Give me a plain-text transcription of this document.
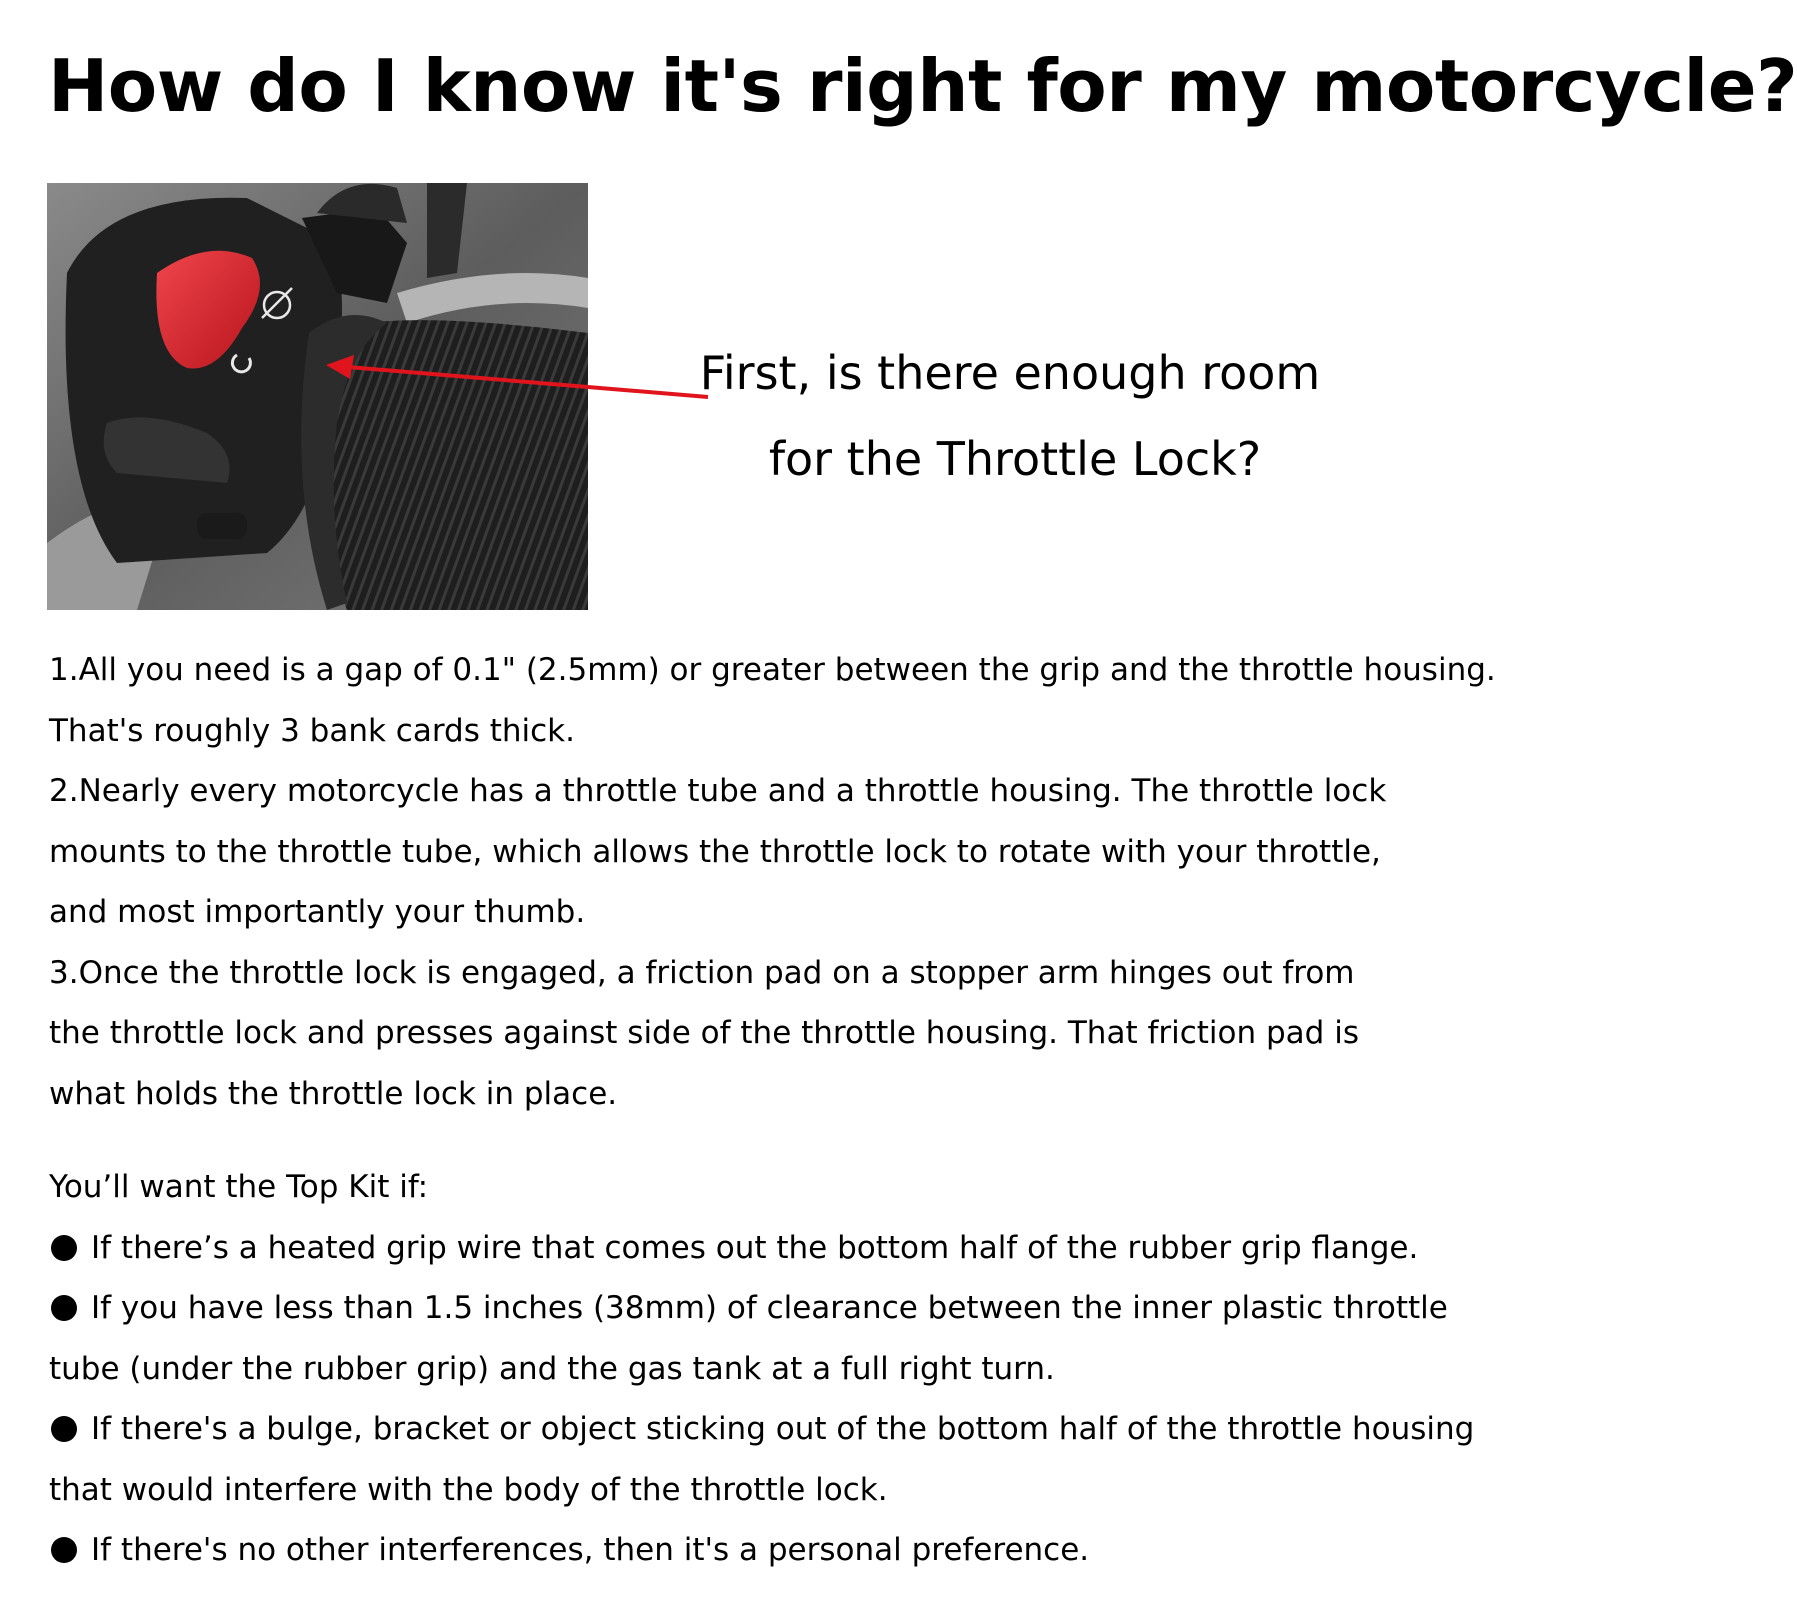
How do I know it's right for my motorcycle?
First, is there enough room
for the Throttle Lock?

1.All you need is a gap of 0.1" (2.5mm) or greater between the grip and the throttle housing.

That's roughly 3 bank cards thick.

2.Nearly every motorcycle has a throttle tube and a throttle housing. The throttle lock

mounts to the throttle tube, which allows the throttle lock to rotate with your throttle,

and most importantly your thumb.

3.Once the throttle lock is engaged, a friction pad on a stopper arm hinges out from

the throttle lock and presses against side of the throttle housing. That friction pad is

what holds the throttle lock in place.

You’ll want the Top Kit if:

If there’s a heated grip wire that comes out the bottom half of the rubber grip flange.

If you have less than 1.5 inches (38mm) of clearance between the inner plastic throttle

tube (under the rubber grip) and the gas tank at a full right turn.

If there's a bulge, bracket or object sticking out of the bottom half of the throttle housing

that would interfere with the body of the throttle lock.

If there's no other interferences, then it's a personal preference.
